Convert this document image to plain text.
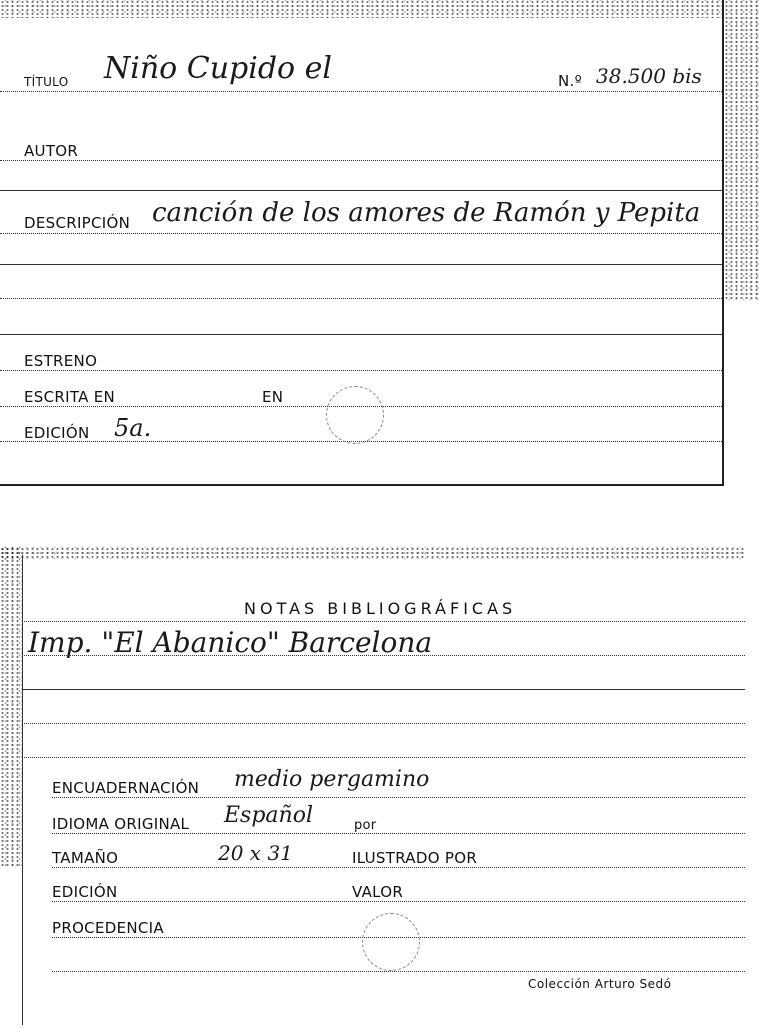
TÍTULO Niño Cupido el	N.º 38.500 bis
AUTOR
DESCRIPCIÓN canción de los amores de Ramón y Pepita
ESTRENO
ESCRITA EN	EN
EDICIÓN 5a.
NOTAS BIBLIOGRÁFICAS
Imp. "El Abanico" Barcelona
ENCUADERNACIÓN medio pergamino
IDIOMA ORIGINAL Español	por
TAMAÑO	20 x 31	ILUSTRADO POR
EDICIÓN	VALOR
PROCEDENCIA
Colección Arturo Sedó
